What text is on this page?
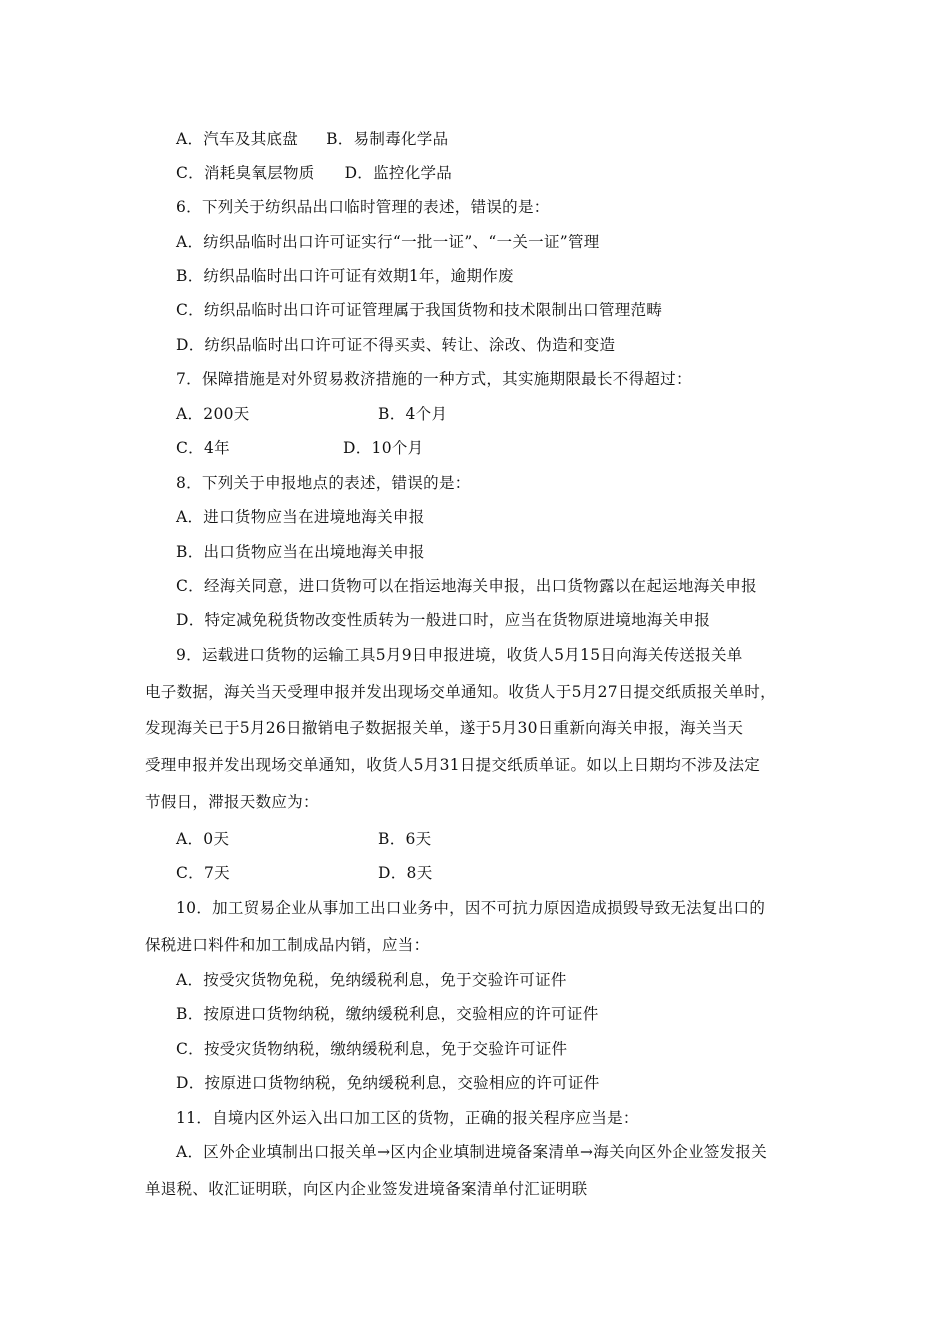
A．汽车及其底盘 B．易制毒化学品
C．消耗臭氧层物质 D．监控化学品
6．下列关于纺织品出口临时管理的表述，错误的是：
A．纺织品临时出口许可证实行“一批一证”、“一关一证”管理
B．纺织品临时出口许可证有效期1年，逾期作废
C．纺织品临时出口许可证管理属于我国货物和技术限制出口管理范畴
D．纺织品临时出口许可证不得买卖、转让、涂改、伪造和变造
7．保障措施是对外贸易救济措施的一种方式，其实施期限最长不得超过：
A．200天	B．4个月
C．4年	D．10个月
8．下列关于申报地点的表述，错误的是：
A．进口货物应当在进境地海关申报
B．出口货物应当在出境地海关申报
C．经海关同意，进口货物可以在指运地海关申报，出口货物露以在起运地海关申报
D．特定减免税货物改变性质转为一般进口时，应当在货物原进境地海关申报
9．运载进口货物的运输工具5月9日申报进境，收货人5月15日向海关传送报关单
电子数据，海关当天受理申报并发出现场交单通知。收货人于5月27日提交纸质报关单时，
发现海关已于5月26日撤销电子数据报关单，遂于5月30日重新向海关申报，海关当天
受理申报并发出现场交单通知，收货人5月31日提交纸质单证。如以上日期均不涉及法定
节假日，滞报天数应为：
A．0天	B．6天
C．7天	D．8天
10．加工贸易企业从事加工出口业务中，因不可抗力原因造成损毁导致无法复出口的
保税进口料件和加工制成品内销，应当：
A．按受灾货物免税，免纳缓税利息，免于交验许可证件
B．按原进口货物纳税，缴纳缓税利息，交验相应的许可证件
C．按受灾货物纳税，缴纳缓税利息，免于交验许可证件
D．按原进口货物纳税，免纳缓税利息，交验相应的许可证件
11．自境内区外运入出口加工区的货物，正确的报关程序应当是：
A．区外企业填制出口报关单→区内企业填制进境备案清单→海关向区外企业签发报关
单退税、收汇证明联，向区内企业签发进境备案清单付汇证明联
